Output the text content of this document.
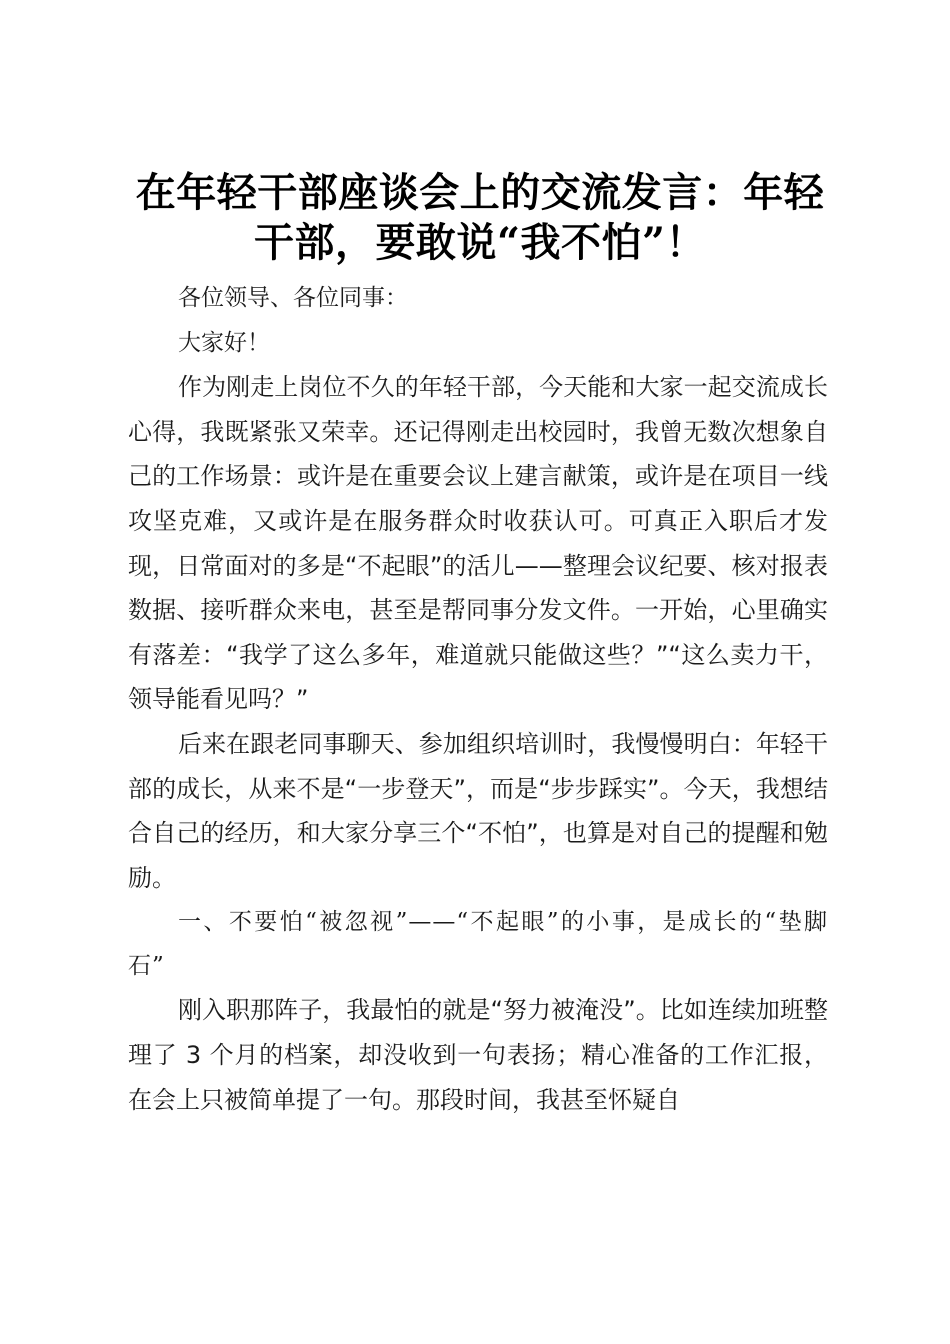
在年轻干部座谈会上的交流发言：年轻干部，要敢说“我不怕”！

各位领导、各位同事：

大家好！

作为刚走上岗位不久的年轻干部，今天能和大家一起交流成长心得，我既紧张又荣幸。还记得刚走出校园时，我曾无数次想象自己的工作场景：或许是在重要会议上建言献策，或许是在项目一线攻坚克难，又或许是在服务群众时收获认可。可真正入职后才发现，日常面对的多是“不起眼”的活儿——整理会议纪要、核对报表数据、接听群众来电，甚至是帮同事分发文件。一开始，心里确实有落差：“我学了这么多年，难道就只能做这些？”“这么卖力干，领导能看见吗？”

后来在跟老同事聊天、参加组织培训时，我慢慢明白：年轻干部的成长，从来不是“一步登天”，而是“步步踩实”。今天，我想结合自己的经历，和大家分享三个“不怕”，也算是对自己的提醒和勉励。

一、不要怕“被忽视”——“不起眼”的小事，是成长的“垫脚石”

刚入职那阵子，我最怕的就是“努力被淹没”。比如连续加班整理了 3 个月的档案，却没收到一句表扬；精心准备的工作汇报，在会上只被简单提了一句。那段时间，我甚至怀疑自
